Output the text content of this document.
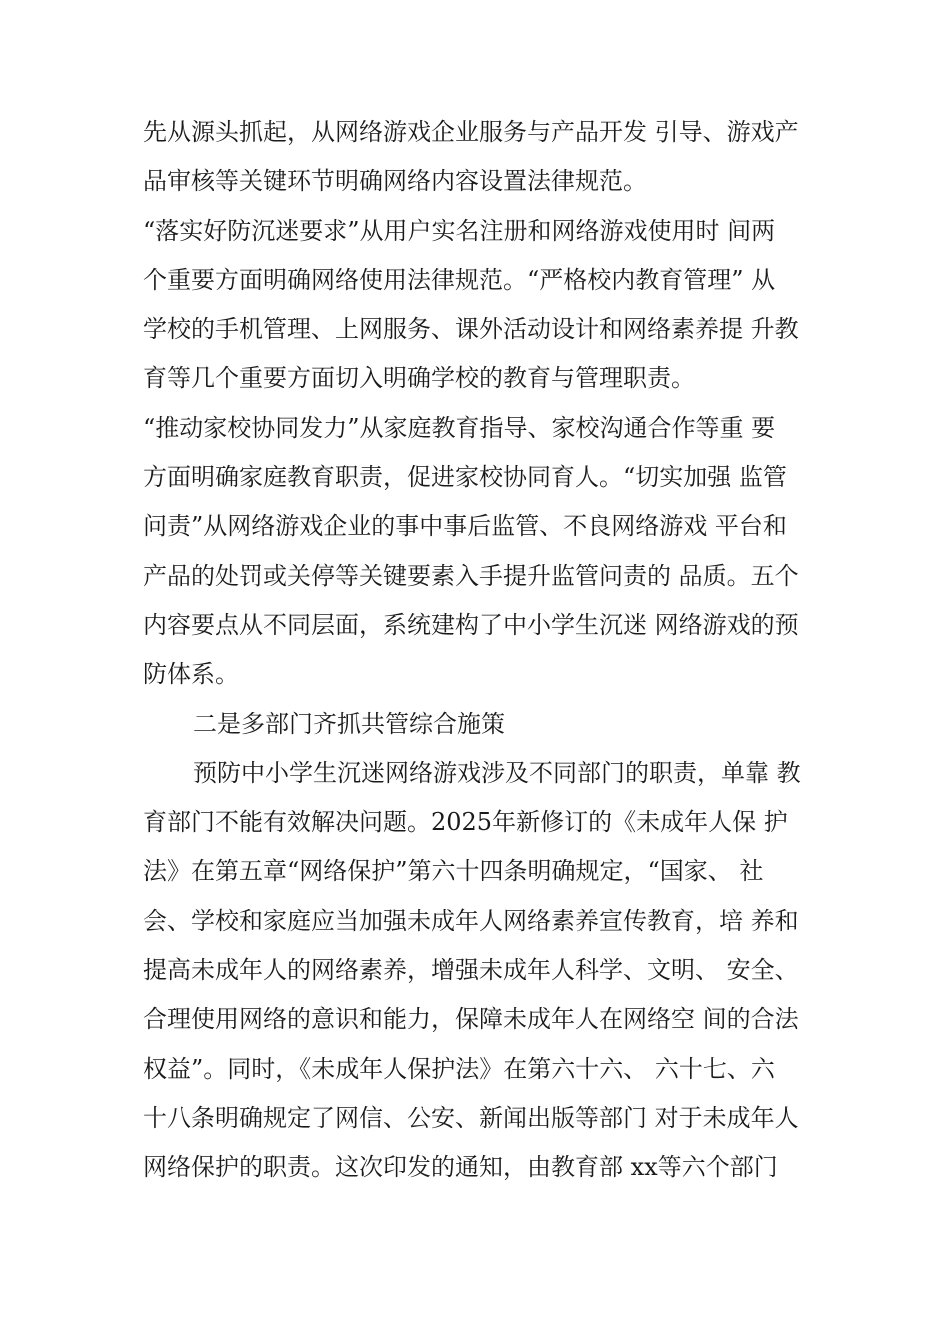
先从源头抓起，从网络游戏企业服务与产品开发 引导、游戏产
品审核等关键环节明确网络内容设置法律规范。
“落实好防沉迷要求”从用户实名注册和网络游戏使用时 间两
个重要方面明确网络使用法律规范。“严格校内教育管理” 从
学校的手机管理、上网服务、课外活动设计和网络素养提 升教
育等几个重要方面切入明确学校的教育与管理职责。
“推动家校协同发力”从家庭教育指导、家校沟通合作等重 要
方面明确家庭教育职责，促进家校协同育人。“切实加强 监管
问责”从网络游戏企业的事中事后监管、不良网络游戏 平台和
产品的处罚或关停等关键要素入手提升监管问责的 品质。五个
内容要点从不同层面，系统建构了中小学生沉迷 网络游戏的预
防体系。
二是多部门齐抓共管综合施策
预防中小学生沉迷网络游戏涉及不同部门的职责，单靠 教
育部门不能有效解决问题。2025年新修订的《未成年人保 护
法》在第五章“网络保护”第六十四条明确规定，“国家、 社
会、学校和家庭应当加强未成年人网络素养宣传教育，培 养和
提高未成年人的网络素养，增强未成年人科学、文明、 安全、
合理使用网络的意识和能力，保障未成年人在网络空 间的合法
权益”。同时，《未成年人保护法》在第六十六、 六十七、六
十八条明确规定了网信、公安、新闻出版等部门 对于未成年人
网络保护的职责。这次印发的通知，由教育部 xx等六个部门
